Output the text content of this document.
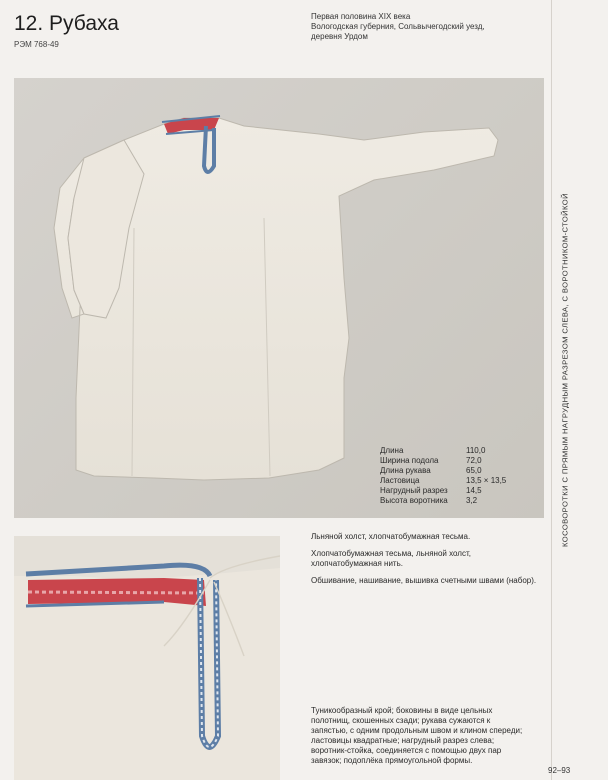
12. Рубаха
РЭМ 768-49
Первая половина XIX века
Вологодская губерния, Сольвычегодский уезд,
деревня Урдом
КОСОВОРОТКИ С ПРЯМЫМ НАГРУДНЫМ РАЗРЕЗОМ СЛЕВА, С ВОРОТНИКОМ-СТОЙКОЙ
Длина	110,0
Ширина подола	72,0
Длина рукава	65,0
Ластовица	13,5 × 13,5
Нагрудный разрез	14,5
Высота воротника	3,2

Льняной холст, хлопчатобумажная тесьма.

Хлопчатобумажная тесьма, льняной холст, хлопчатобумажная нить.

Обшивание, нашивание, вышивка счетными швами (набор).

Туникообразный крой; боковины в виде цельных полотнищ, скошенных сзади; рукава сужаются к запястью, с одним продольным швом и клином спереди; ластовицы квадратные; нагрудный разрез слева; воротник-стойка, соединяется с помощью двух пар завязок; подоплёка прямоугольной формы.

92–93
